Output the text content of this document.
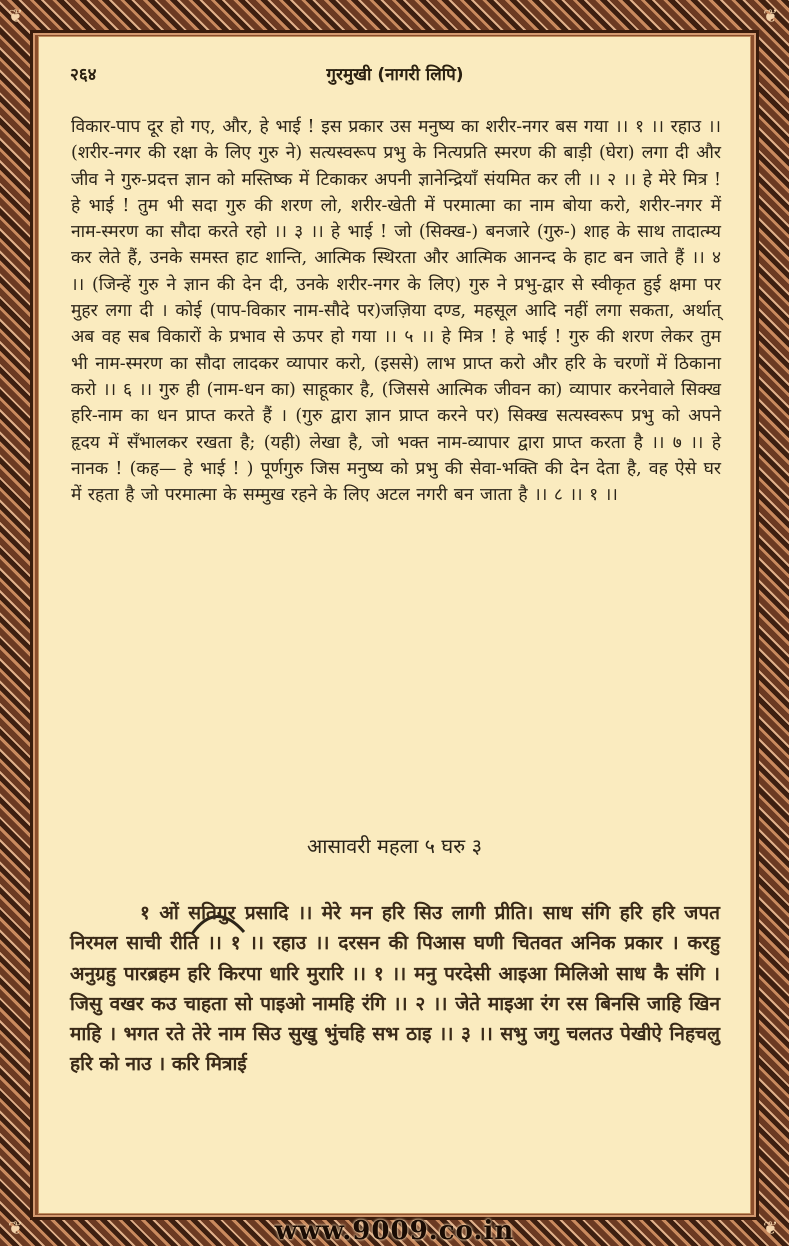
❦	❦
❦	❦
२६४	गुरमुखी (नागरी लिपि)

विकार-पाप दूर हो गए, और, हे भाई ! इस प्रकार उस मनुष्य का शरीर-नगर बस गया ।। १ ।। रहाउ ।। (शरीर-नगर की रक्षा के लिए गुरु ने) सत्यस्वरूप प्रभु के नित्यप्रति स्मरण की बाड़ी (घेरा) लगा दी और जीव ने गुरु-प्रदत्त ज्ञान को मस्तिष्क में टिकाकर अपनी ज्ञानेन्द्रियाँ संयमित कर ली ।। २ ।। हे मेरे मित्र ! हे भाई ! तुम भी सदा गुरु की शरण लो, शरीर-खेती में परमात्मा का नाम बोया करो, शरीर-नगर में नाम-स्मरण का सौदा करते रहो ।। ३ ।। हे भाई ! जो (सिक्ख-) बनजारे (गुरु-) शाह के साथ तादात्म्य कर लेते हैं, उनके समस्त हाट शान्ति, आत्मिक स्थिरता और आत्मिक आनन्द के हाट बन जाते हैं ।। ४ ।। (जिन्हें गुरु ने ज्ञान की देन दी, उनके शरीर-नगर के लिए) गुरु ने प्रभु-द्वार से स्वीकृत हुई क्षमा पर मुहर लगा दी । कोई (पाप-विकार नाम-सौदे पर)जज़िया दण्ड, महसूल आदि नहीं लगा सकता, अर्थात् अब वह सब विकारों के प्रभाव से ऊपर हो गया ।। ५ ।। हे मित्र ! हे भाई ! गुरु की शरण लेकर तुम भी नाम-स्मरण का सौदा लादकर व्यापार करो, (इससे) लाभ प्राप्त करो और हरि के चरणों में ठिकाना करो ।। ६ ।। गुरु ही (नाम-धन का) साहूकार है, (जिससे आत्मिक जीवन का) व्यापार करनेवाले सिक्ख हरि-नाम का धन प्राप्त करते हैं । (गुरु द्वारा ज्ञान प्राप्त करने पर) सिक्ख सत्यस्वरूप प्रभु को अपने हृदय में सँभालकर रखता है; (यही) लेखा है, जो भक्त नाम-व्यापार द्वारा प्राप्त करता है ।। ७ ।। हे नानक ! (कह— हे भाई ! ) पूर्णगुरु जिस मनुष्य को प्रभु की सेवा-भक्ति की देन देता है, वह ऐसे घर में रहता है जो परमात्मा के सम्मुख रहने के लिए अटल नगरी बन जाता है ।। ८ ।। १ ।।

आसावरी महला ५ घरु ३

१ ओं सतिगुर प्रसादि ।। मेरे मन हरि सिउ लागी प्रीति। साध संगि हरि हरि जपत निरमल साची रीति ।। १ ।। रहाउ ।। दरसन की पिआस घणी चितवत अनिक प्रकार । करहु अनुग्रहु पारब्रहम हरि किरपा धारि मुरारि ।। १ ।। मनु परदेसी आइआ मिलिओ साध कै संगि । जिसु वखर कउ चाहता सो पाइओ नामहि रंगि ।। २ ।। जेते माइआ रंग रस बिनसि जाहि खिन माहि । भगत रते तेरे नाम सिउ सुखु भुंचहि सभ ठाइ ।। ३ ।। सभु जगु चलतउ पेखीऐ निहचलु हरि को नाउ । करि मित्राई

www.9009.co.in
